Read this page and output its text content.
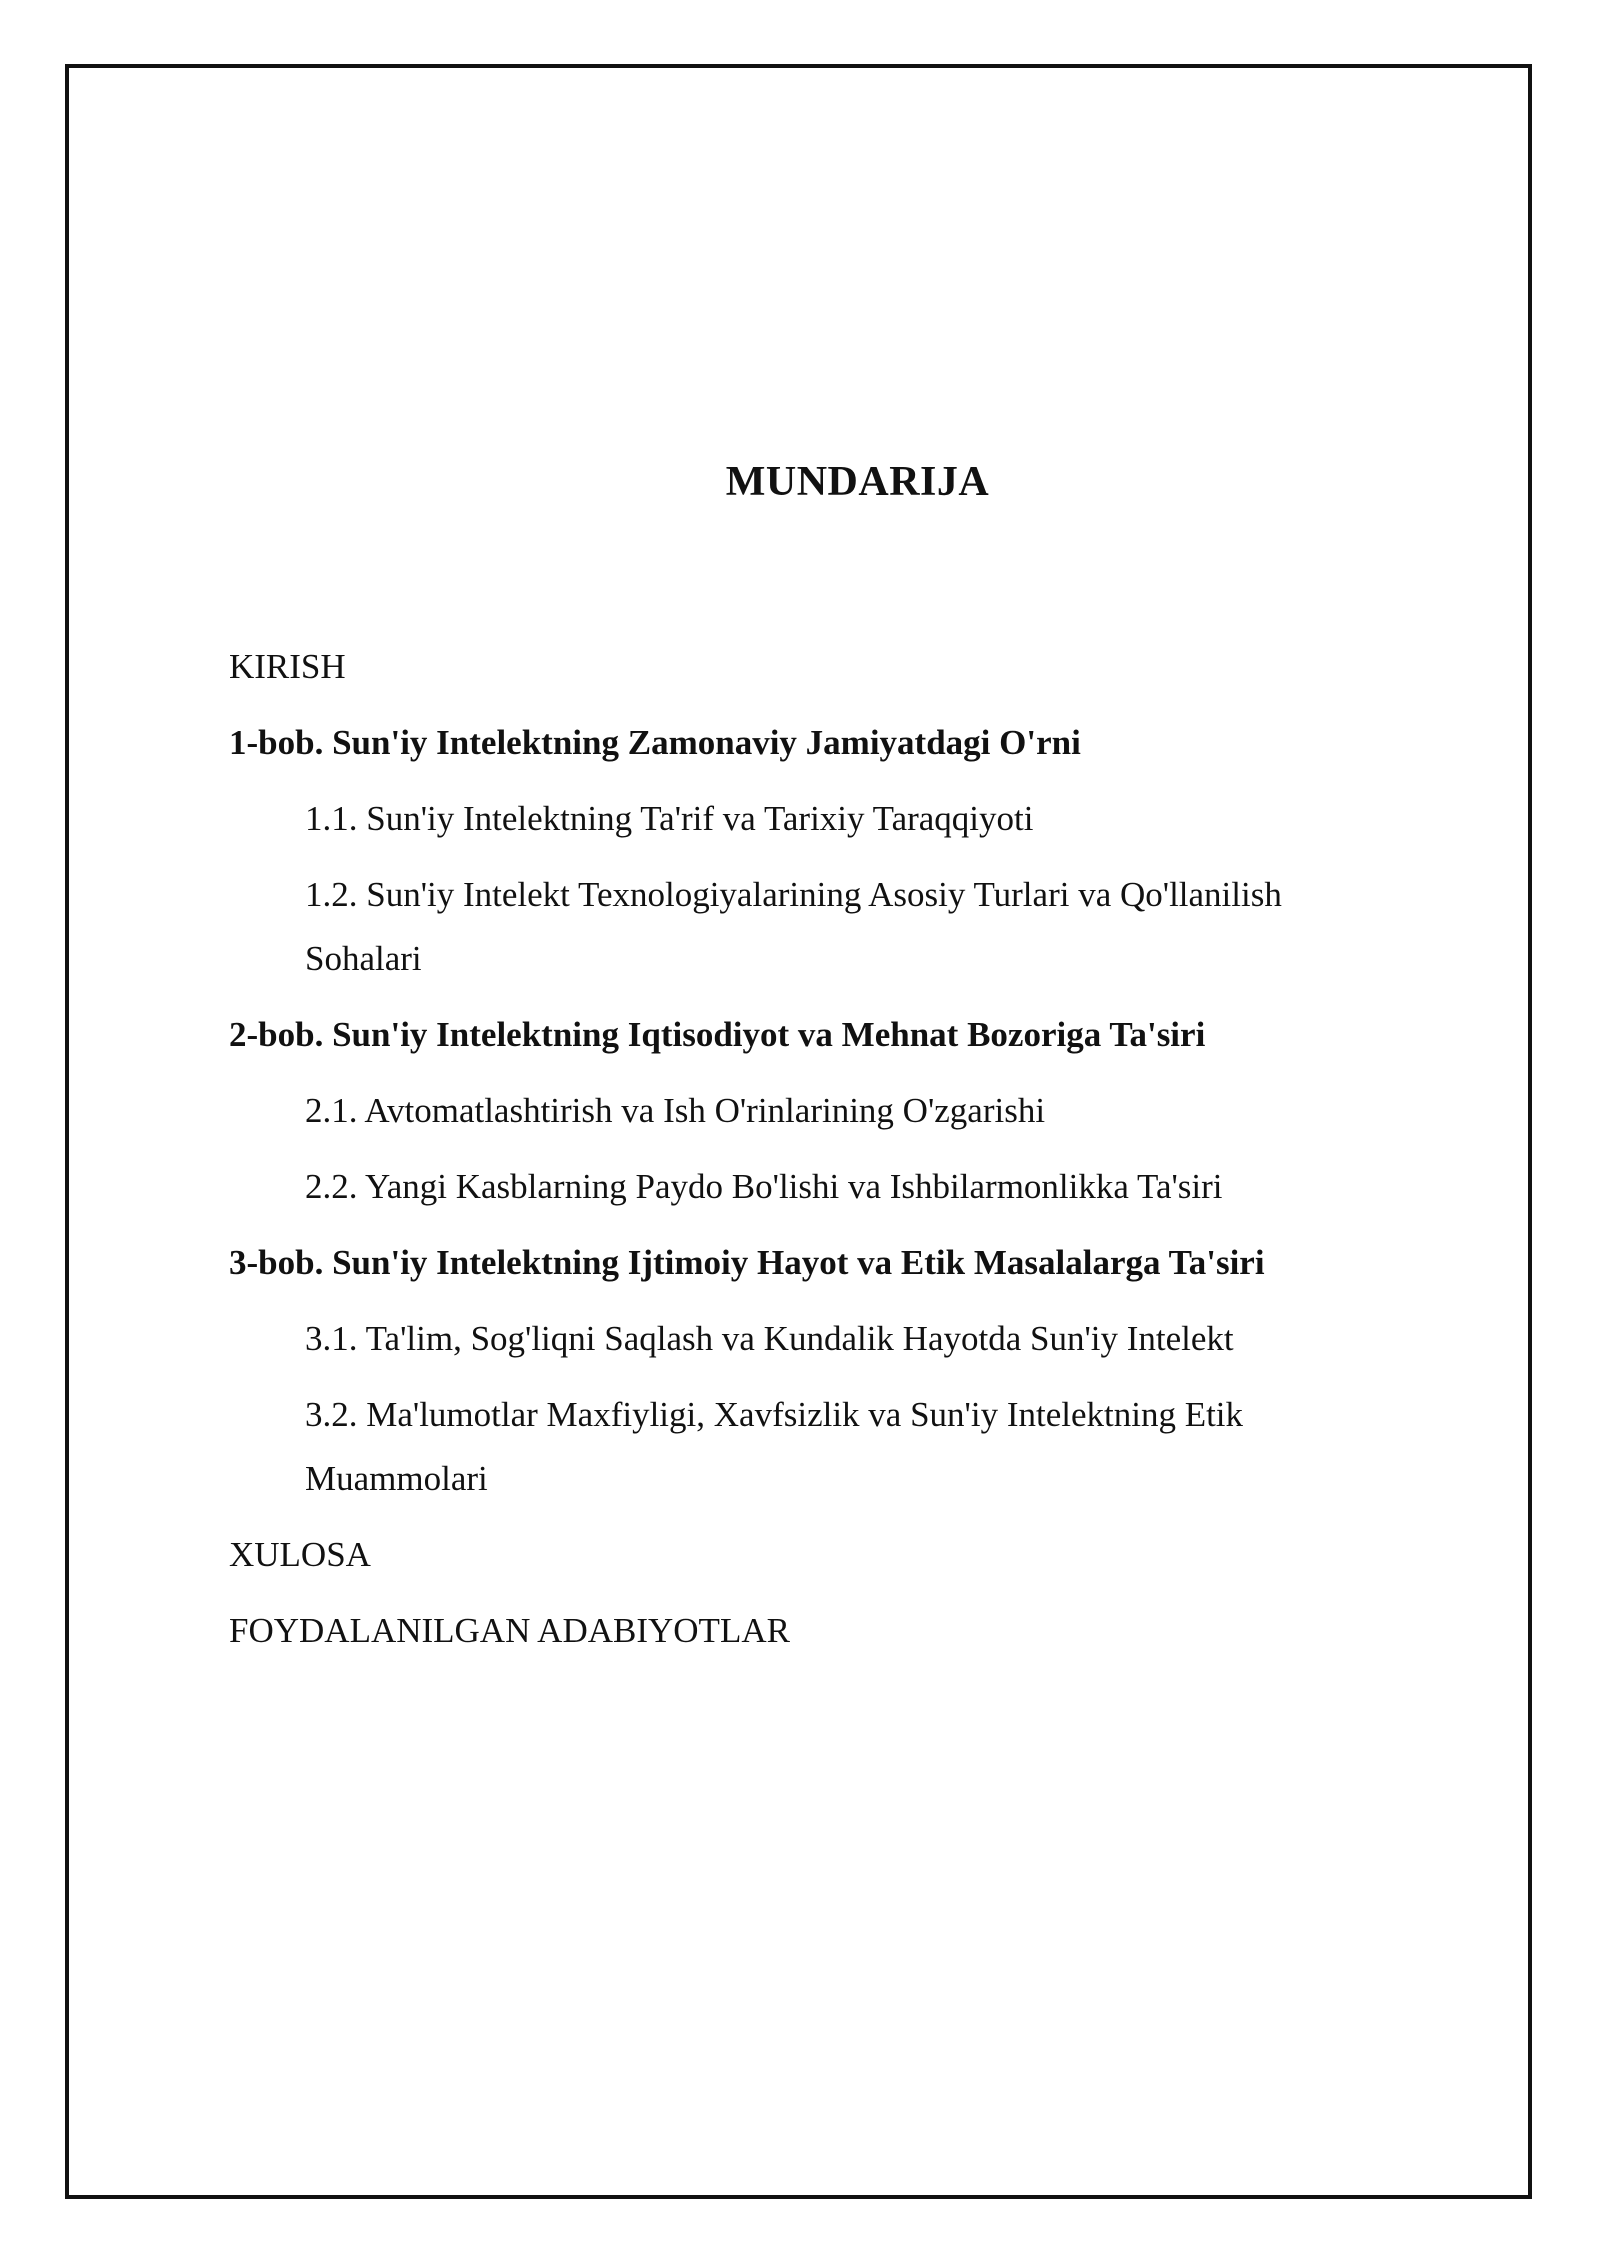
MUNDARIJA
KIRISH
1-bob. Sun'iy Intelektning Zamonaviy Jamiyatdagi O'rni
1.1. Sun'iy Intelektning Ta'rif va Tarixiy Taraqqiyoti
1.2. Sun'iy Intelekt Texnologiyalarining Asosiy Turlari va Qo'llanilish Sohalari
2-bob. Sun'iy Intelektning Iqtisodiyot va Mehnat Bozoriga Ta'siri
2.1. Avtomatlashtirish va Ish O'rinlarining O'zgarishi
2.2. Yangi Kasblarning Paydo Bo'lishi va Ishbilarmonlikka Ta'siri
3-bob. Sun'iy Intelektning Ijtimoiy Hayot va Etik Masalalarga Ta'siri
3.1. Ta'lim, Sog'liqni Saqlash va Kundalik Hayotda Sun'iy Intelekt
3.2. Ma'lumotlar Maxfiyligi, Xavfsizlik va Sun'iy Intelektning Etik Muammolari
XULOSA
FOYDALANILGAN ADABIYOTLAR
